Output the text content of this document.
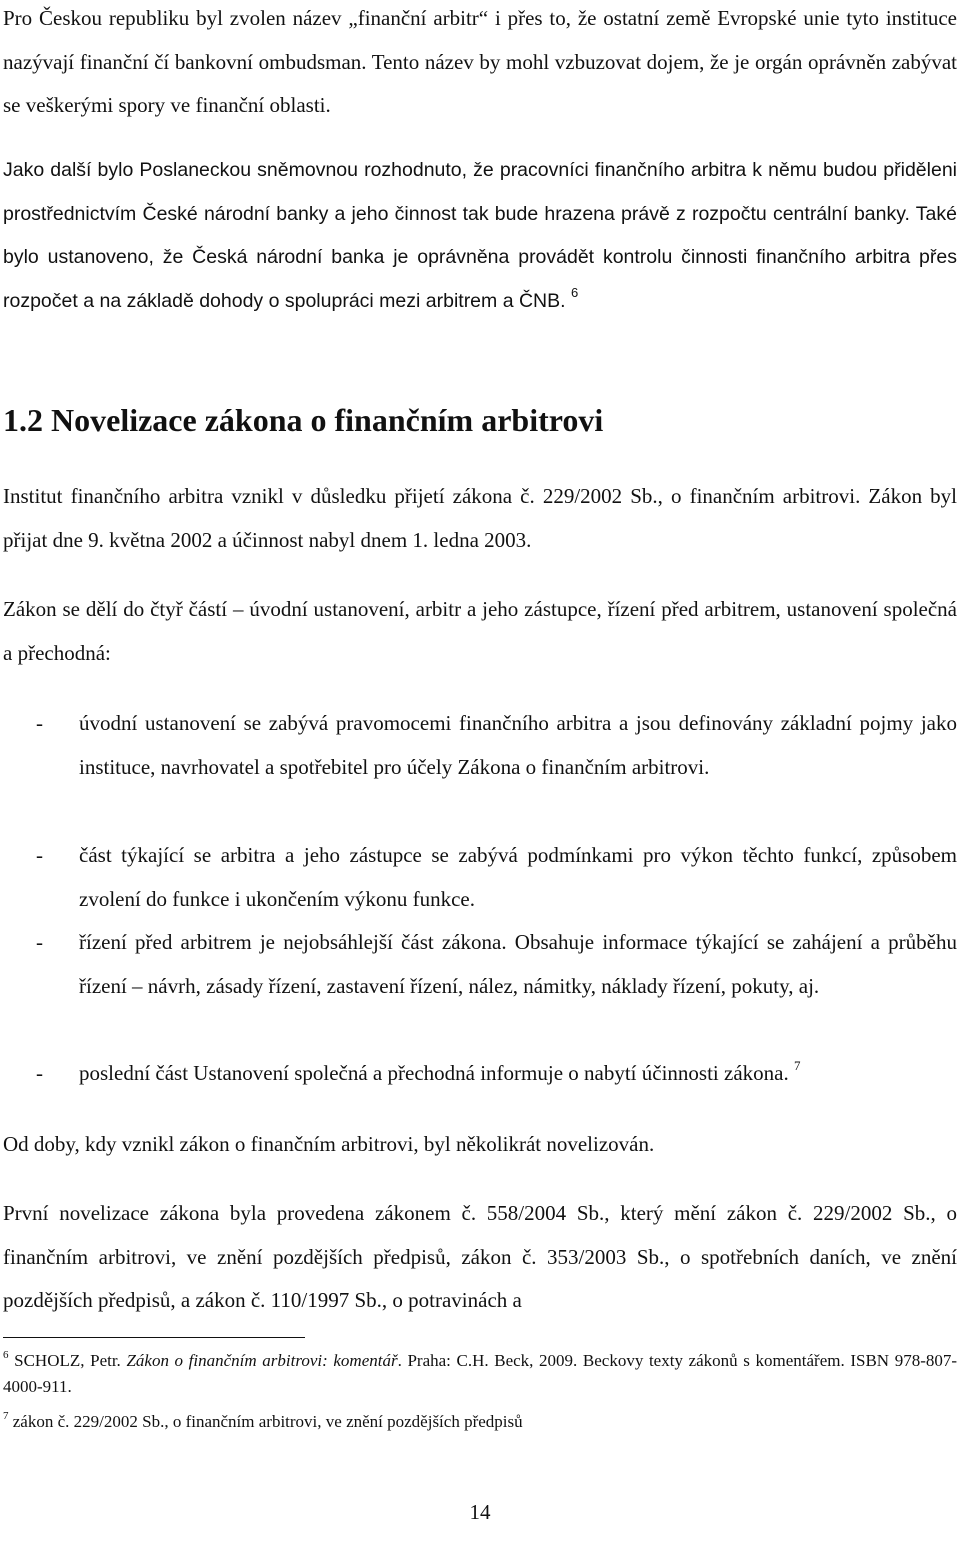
Pro Českou republiku byl zvolen název „finanční arbitr“ i přes to, že ostatní země Evropské unie tyto instituce nazývají finanční čí bankovní ombudsman. Tento název by mohl vzbuzovat dojem, že je orgán oprávněn zabývat se veškerými spory ve finanční oblasti.

Jako další bylo Poslaneckou sněmovnou rozhodnuto, že pracovníci finančního arbitra k němu budou přiděleni prostřednictvím České národní banky a jeho činnost tak bude hrazena právě z rozpočtu centrální banky. Také bylo ustanoveno, že Česká národní banka je oprávněna provádět kontrolu činnosti finančního arbitra přes rozpočet a na základě dohody o spolupráci mezi arbitrem a ČNB. $^6$

1.2 Novelizace zákona o finančním arbitrovi

Institut finančního arbitra vznikl v důsledku přijetí zákona č. 229/2002 Sb., o finančním arbitrovi. Zákon byl přijat dne 9. května 2002 a účinnost nabyl dnem 1. ledna 2003.

Zákon se dělí do čtyř částí – úvodní ustanovení, arbitr a jeho zástupce, řízení před arbitrem, ustanovení společná a přechodná:

- úvodní ustanovení se zabývá pravomocemi finančního arbitra a jsou definovány základní pojmy jako instituce, navrhovatel a spotřebitel pro účely Zákona o finančním arbitrovi.
- část týkající se arbitra a jeho zástupce se zabývá podmínkami pro výkon těchto funkcí, způsobem zvolení do funkce i ukončením výkonu funkce.
- řízení před arbitrem je nejobsáhlejší část zákona. Obsahuje informace týkající se zahájení a průběhu řízení – návrh, zásady řízení, zastavení řízení, nález, námitky, náklady řízení, pokuty, aj.
- poslední část Ustanovení společná a přechodná informuje o nabytí účinnosti zákona. $^7$

Od doby, kdy vznikl zákon o finančním arbitrovi, byl několikrát novelizován.

První novelizace zákona byla provedena zákonem č. 558/2004 Sb., který mění zákon č. 229/2002 Sb., o finančním arbitrovi, ve znění pozdějších předpisů, zákon č. 353/2003 Sb., o spotřebních daních, ve znění pozdějších předpisů, a zákon č. 110/1997 Sb., o potravinách a

$^6$ SCHOLZ, Petr. Zákon o finančním arbitrovi: komentář. Praha: C.H. Beck, 2009. Beckovy texty zákonů s komentářem. ISBN 978-807-4000-911.
$^7$ zákon č. 229/2002 Sb., o finančním arbitrovi, ve znění pozdějších předpisů
14
